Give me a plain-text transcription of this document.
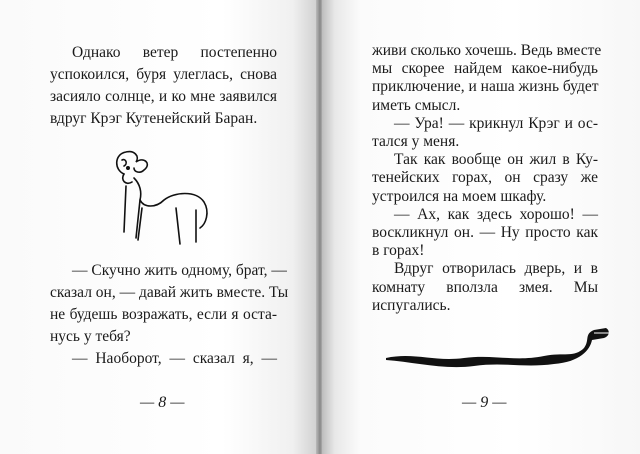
Однако ветер постепенно
успокоился, буря улеглась, снова
засияло солнце, и ко мне заявился
вдруг Крэг Кутенейский Баран.
— Скучно жить одному, брат, —
сказал он, — давай жить вместе. Ты
не будешь возражать, если я оста-
нусь у тебя?
— Наоборот, — сказал я, —
— 8 —
живи сколько хочешь. Ведь вместе
мы скорее найдем какое-нибудь
приключение, и наша жизнь будет
иметь смысл.
— Ура! — крикнул Крэг и ос-
тался у меня.
Так как вообще он жил в Ку-
тенейских горах, он сразу же
устроился на моем шкафу.
— Ах, как здесь хорошо! —
воскликнул он. — Ну просто как
в горах!
Вдруг отворилась дверь, и в
комнату вползла змея. Мы
испугались.
— 9 —
